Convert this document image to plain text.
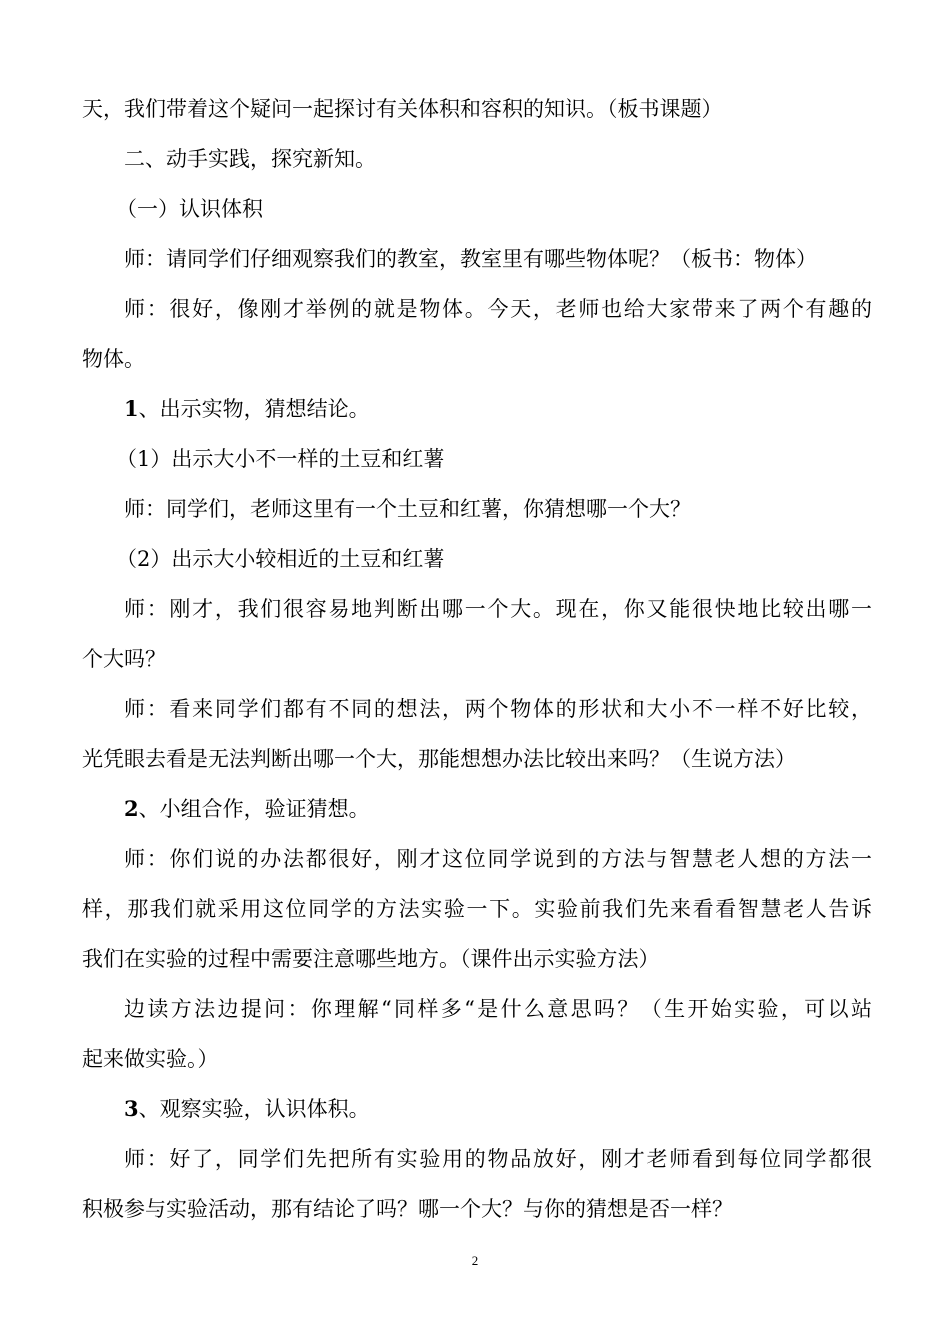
天，我们带着这个疑问一起探讨有关体积和容积的知识。（板书课题）
二、动手实践，探究新知。
（一）认识体积
师：请同学们仔细观察我们的教室，教室里有哪些物体呢？（板书：物体）
师：很好，像刚才举例的就是物体。今天，老师也给大家带来了两个有趣的
物体。
1、出示实物，猜想结论。
（1）出示大小不一样的土豆和红薯
师：同学们，老师这里有一个土豆和红薯，你猜想哪一个大？
（2）出示大小较相近的土豆和红薯
师：刚才，我们很容易地判断出哪一个大。现在，你又能很快地比较出哪一
个大吗？
师：看来同学们都有不同的想法，两个物体的形状和大小不一样不好比较，
光凭眼去看是无法判断出哪一个大，那能想想办法比较出来吗？（生说方法）
2、小组合作，验证猜想。
师：你们说的办法都很好，刚才这位同学说到的方法与智慧老人想的方法一
样，那我们就采用这位同学的方法实验一下。实验前我们先来看看智慧老人告诉
我们在实验的过程中需要注意哪些地方。（课件出示实验方法）
边读方法边提问：你理解“同样多“是什么意思吗？（生开始实验，可以站
起来做实验。）
3、观察实验，认识体积。
师：好了，同学们先把所有实验用的物品放好，刚才老师看到每位同学都很
积极参与实验活动，那有结论了吗？哪一个大？与你的猜想是否一样？
2
